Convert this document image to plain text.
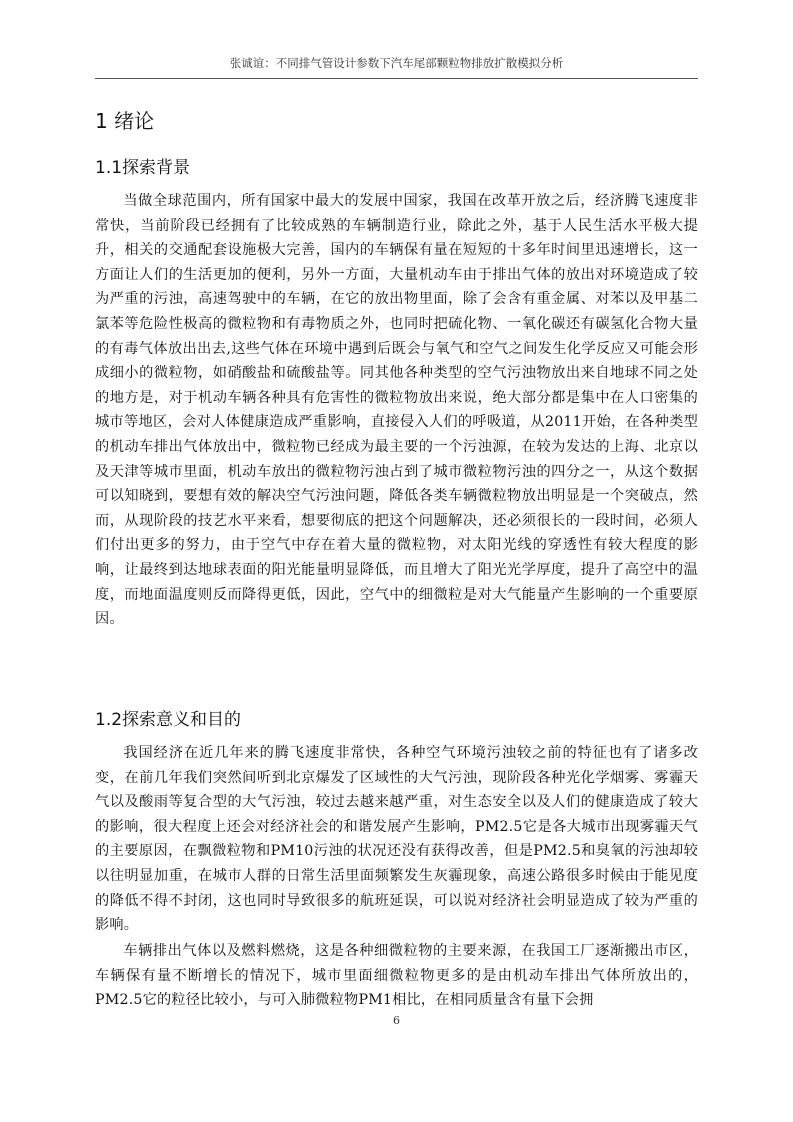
张诚谊：不同排气管设计参数下汽车尾部颗粒物排放扩散模拟分析
1 绪论
1.1探索背景

当做全球范围内，所有国家中最大的发展中国家，我国在改革开放之后，经济腾飞速度非常快，当前阶段已经拥有了比较成熟的车辆制造行业，除此之外，基于人民生活水平极大提升，相关的交通配套设施极大完善，国内的车辆保有量在短短的十多年时间里迅速增长，这一方面让人们的生活更加的便利，另外一方面，大量机动车由于排出气体的放出对环境造成了较为严重的污浊，高速驾驶中的车辆，在它的放出物里面，除了会含有重金属、对苯以及甲基二氯苯等危险性极高的微粒物和有毒物质之外，也同时把硫化物、一氧化碳还有碳氢化合物大量的有毒气体放出出去,这些气体在环境中遇到后既会与氧气和空气之间发生化学反应又可能会形成细小的微粒物，如硝酸盐和硫酸盐等。同其他各种类型的空气污浊物放出来自地球不同之处的地方是，对于机动车辆各种具有危害性的微粒物放出来说，绝大部分都是集中在人口密集的城市等地区，会对人体健康造成严重影响，直接侵入人们的呼吸道，从2011开始，在各种类型的机动车排出气体放出中，微粒物已经成为最主要的一个污浊源，在较为发达的上海、北京以及天津等城市里面，机动车放出的微粒物污浊占到了城市微粒物污浊的四分之一，从这个数据可以知晓到，要想有效的解决空气污浊问题，降低各类车辆微粒物放出明显是一个突破点，然而，从现阶段的技艺水平来看，想要彻底的把这个问题解决，还必须很长的一段时间，必须人们付出更多的努力，由于空气中存在着大量的微粒物，对太阳光线的穿透性有较大程度的影响，让最终到达地球表面的阳光能量明显降低，而且增大了阳光光学厚度，提升了高空中的温度，而地面温度则反而降得更低，因此，空气中的细微粒是对大气能量产生影响的一个重要原因。

1.2探索意义和目的

我国经济在近几年来的腾飞速度非常快，各种空气环境污浊较之前的特征也有了诸多改变，在前几年我们突然间听到北京爆发了区域性的大气污浊，现阶段各种光化学烟雾、雾霾天气以及酸雨等复合型的大气污浊，较过去越来越严重，对生态安全以及人们的健康造成了较大的影响，很大程度上还会对经济社会的和谐发展产生影响，PM2.5它是各大城市出现雾霾天气的主要原因，在飘微粒物和PM10污浊的状况还没有获得改善，但是PM2.5和臭氧的污浊却较以往明显加重，在城市人群的日常生活里面频繁发生灰霾现象，高速公路很多时候由于能见度的降低不得不封闭，这也同时导致很多的航班延误，可以说对经济社会明显造成了较为严重的影响。

车辆排出气体以及燃料燃烧，这是各种细微粒物的主要来源，在我国工厂逐渐搬出市区，车辆保有量不断增长的情况下，城市里面细微粒物更多的是由机动车排出气体所放出的，PM2.5它的粒径比较小，与可入肺微粒物PM1相比，在相同质量含有量下会拥

6
